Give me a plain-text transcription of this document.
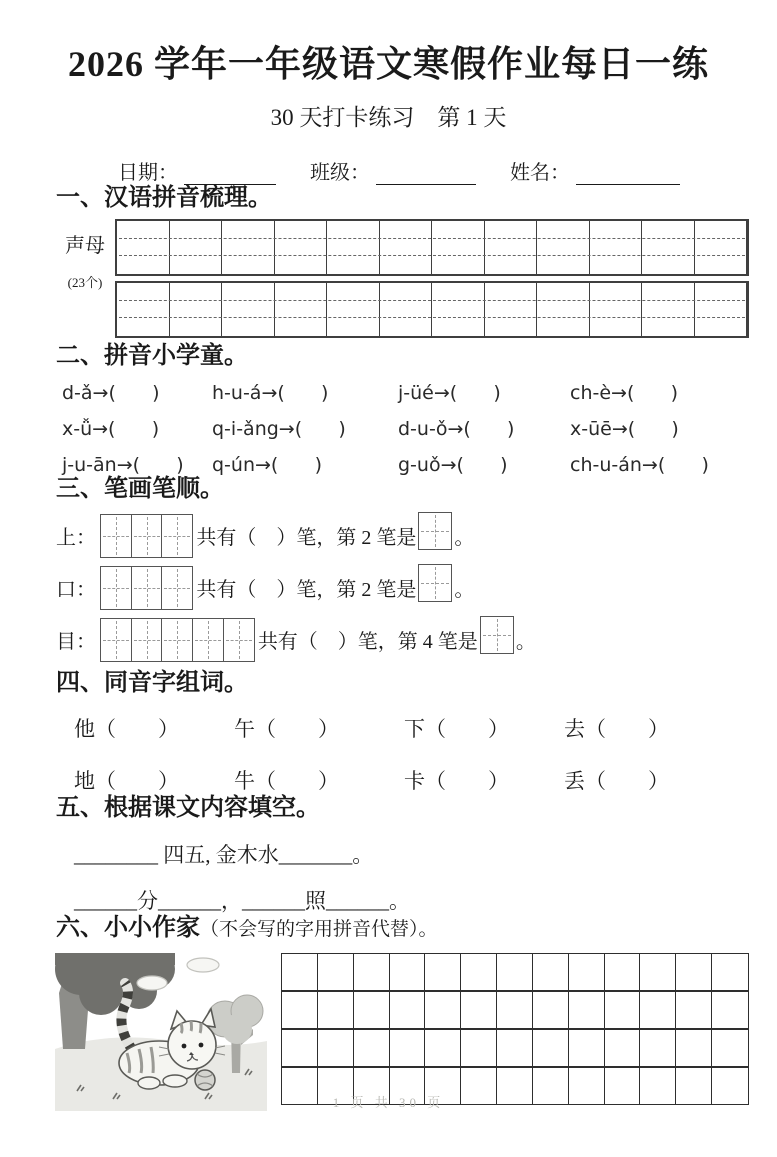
2026 学年一年级语文寒假作业每日一练
30 天打卡练习　第 1 天
日期：	班级：	姓名：
一、汉语拼音梳理。
声母
(23个)
二、拼音小学童。
d-ǎ→(      )	h-u-á→(      )	j-üé→(      )	ch-è→(      )
x-ǚ→(      )	q-i-ǎng→(      )	d-u-ǒ→(      )	x-ūē→(      )
j-u-ān→(      )	q-ún→(      )	g-uǒ→(      )	ch-u-án→(      )
三、笔画笔顺。
上：	共有（　）笔，第 2 笔是 。
口：	共有（　）笔，第 2 笔是 。
目：	共有（　）笔，第 4 笔是 。
四、同音字组词。
他（　　）	午（　　）	下（　　）	去（　　）
地（　　）	牛（　　）	卡（　　）	丢（　　）
五、根据课文内容填空。
________ 四五, 金木水_______。
______分______，______照______。
六、小小作家（不会写的字用拼音代替）。
1 页 共 30 页
